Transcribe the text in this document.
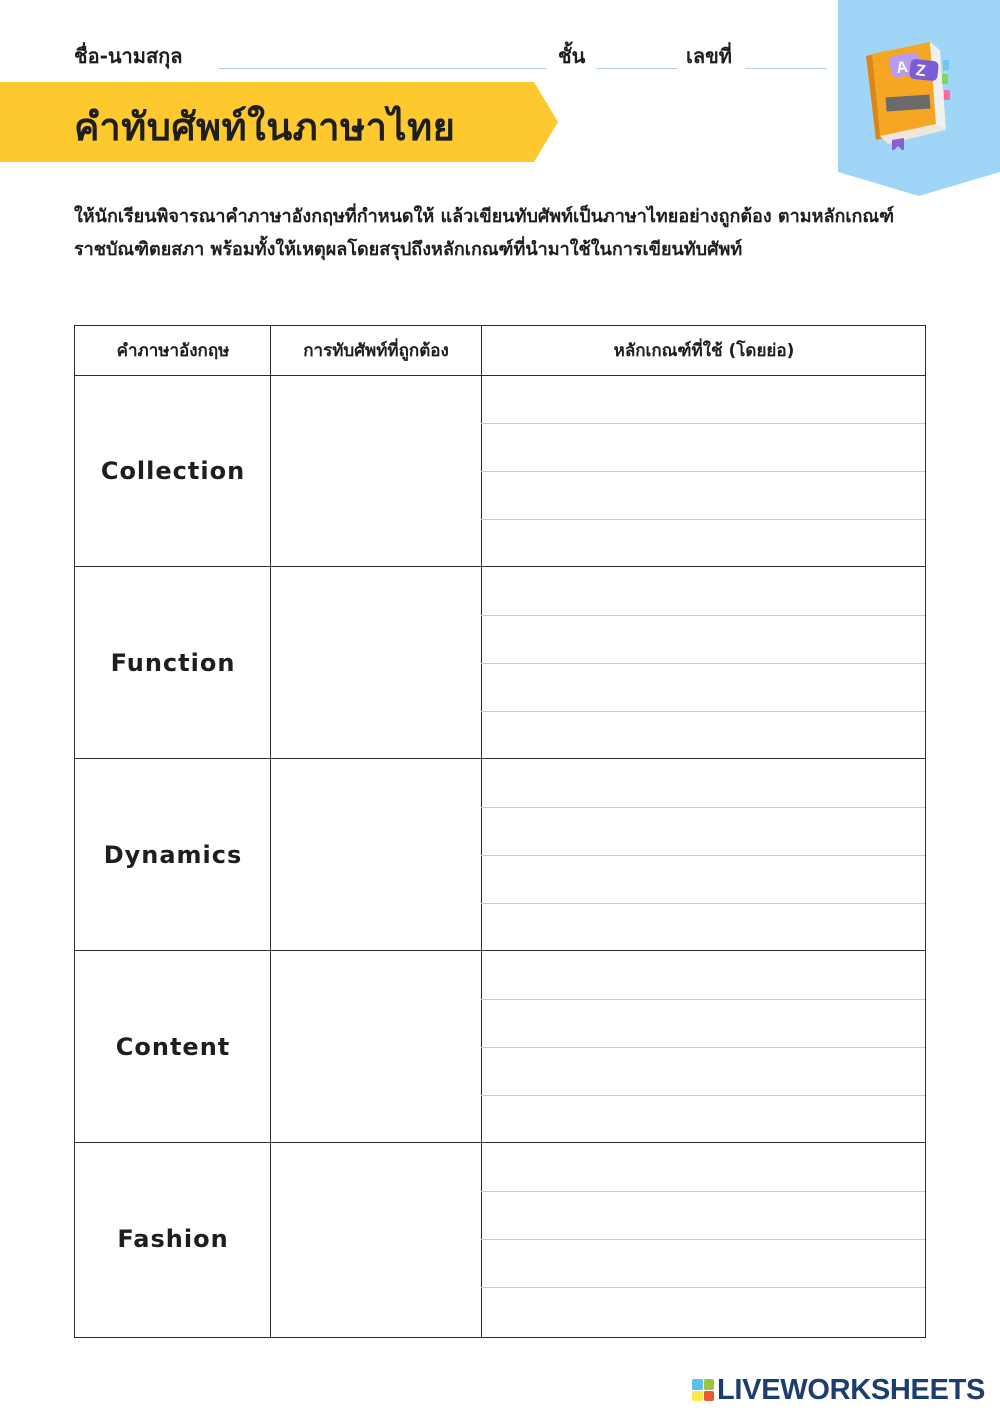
ชื่อ-นามสกุล	ชั้น	เลขที่
คำทับศัพท์ในภาษาไทย
A Z
ให้นักเรียนพิจารณาคำภาษาอังกฤษที่กำหนดให้ แล้วเขียนทับศัพท์เป็นภาษาไทยอย่างถูกต้อง ตามหลักเกณฑ์ราชบัณฑิตยสภา พร้อมทั้งให้เหตุผลโดยสรุปถึงหลักเกณฑ์ที่นำมาใช้ในการเขียนทับศัพท์
คำภาษาอังกฤษ	การทับศัพท์ที่ถูกต้อง	หลักเกณฑ์ที่ใช้ (โดยย่อ)
Collection
Function
Dynamics
Content
Fashion
LIVEWORKSHEETS
